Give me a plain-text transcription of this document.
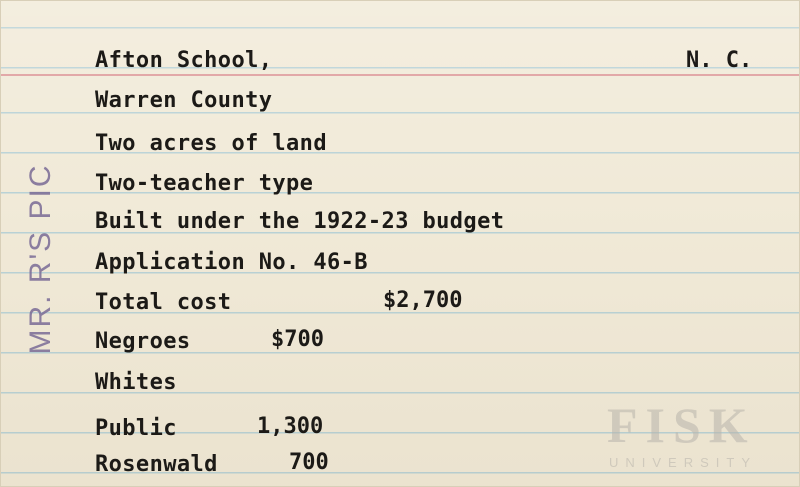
Afton School,	N. C.
Warren County
Two acres of land
Two-teacher type
Built under the 1922-23 budget
Application No. 46-B
Total cost	$2,700
Negroes	$700
Whites
Public	1,300
Rosenwald	700
MR. R'S PIC
FISK
UNIVERSITY
